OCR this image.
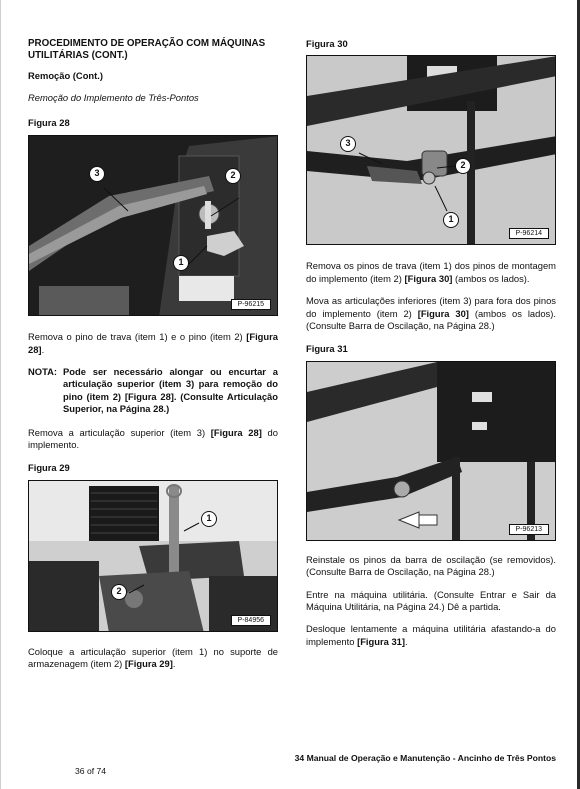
PROCEDIMENTO DE OPERAÇÃO COM MÁQUINAS UTILITÁRIAS (CONT.)
Remoção (Cont.)
Remoção do Implemento de Três-Pontos
Figura 28
3	2
1
P-96215
Remova o pino de trava (item 1) e o pino (item 2) [Figura 28].
NOTA: Pode ser necessário alongar ou encurtar a articulação superior (item 3) para remoção do pino (item 2) [Figura 28]. (Consulte Articulação Superior, na Página 28.)
Remova a articulação superior (item 3) [Figura 28] do implemento.
Figura 29
1
2
P-84956
Coloque a articulação superior (item 1) no suporte de armazenagem (item 2) [Figura 29].
Figura 30
3
2
1
P-96214
Remova os pinos de trava (item 1) dos pinos de montagem do implemento (item 2) [Figura 30] (ambos os lados).
Mova as articulações inferiores (item 3) para fora dos pinos do implemento (item 2) [Figura 30] (ambos os lados). (Consulte Barra de Oscilação, na Página 28.)
Figura 31
P-96213
Reinstale os pinos da barra de oscilação (se removidos). (Consulte Barra de Oscilação, na Página 28.)
Entre na máquina utilitária. (Consulte Entrar e Sair da Máquina Utilitária, na Página 24.) Dê a partida.
Desloque lentamente a máquina utilitária afastando-a do implemento [Figura 31].
34 Manual de Operação e Manutenção - Ancinho de Três Pontos
36 of 74
